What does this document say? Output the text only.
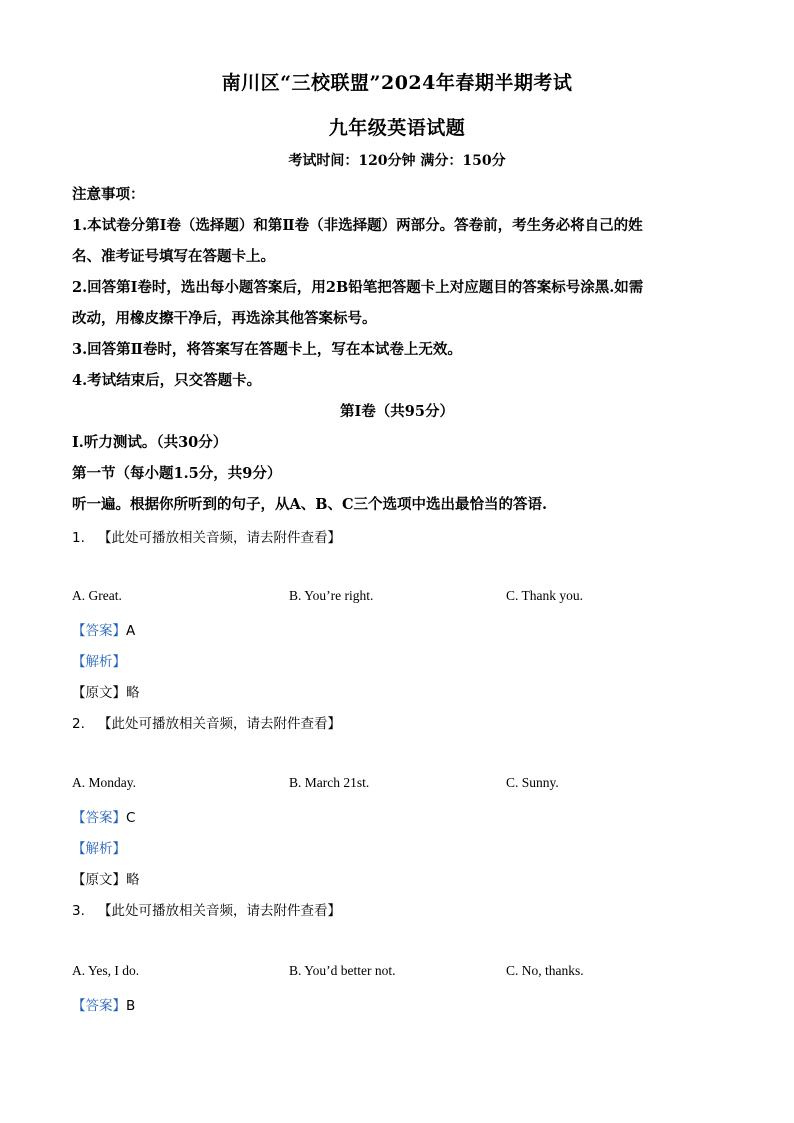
南川区“三校联盟”2024年春期半期考试
九年级英语试题
考试时间：120分钟 满分：150分
注意事项：
1.本试卷分第Ⅰ卷（选择题）和第Ⅱ卷（非选择题）两部分。答卷前，考生务必将自己的姓
名、准考证号填写在答题卡上。
2.回答第Ⅰ卷时，选出每小题答案后，用2B铅笔把答题卡上对应题目的答案标号涂黑.如需
改动，用橡皮擦干净后，再选涂其他答案标号。
3.回答第Ⅱ卷时，将答案写在答题卡上，写在本试卷上无效。
4.考试结束后，只交答题卡。
第Ⅰ卷（共95分）
I.听力测试。（共30分）
第一节（每小题1.5分，共9分）
听一遍。根据你所听到的句子，从A、B、C三个选项中选出最恰当的答语.
1. 【此处可播放相关音频，请去附件查看】
A. Great.	B. You’re right.	C. Thank you.
【答案】A
【解析】
【原文】略
2. 【此处可播放相关音频，请去附件查看】
A. Monday.	B. March 21st.	C. Sunny.
【答案】C
【解析】
【原文】略
3. 【此处可播放相关音频，请去附件查看】
A. Yes, I do.	B. You’d better not.	C. No, thanks.
【答案】B
